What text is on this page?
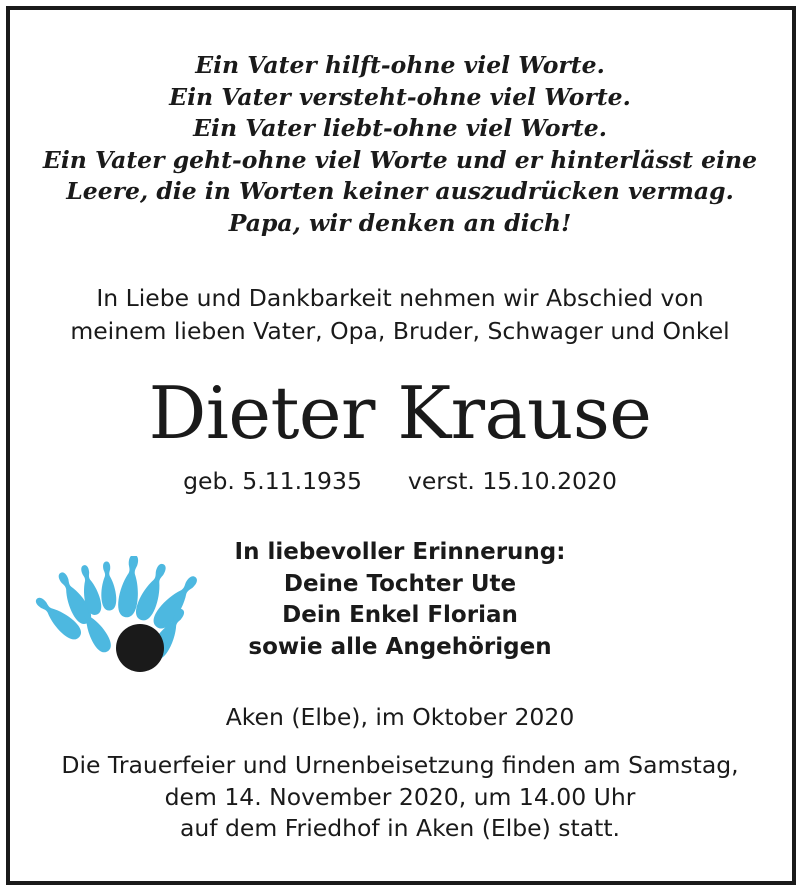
Ein Vater hilft-ohne viel Worte.
Ein Vater versteht-ohne viel Worte.
Ein Vater liebt-ohne viel Worte.
Ein Vater geht-ohne viel Worte und er hinterlässt eine
Leere, die in Worten keiner auszudrücken vermag.
Papa, wir denken an dich!
In Liebe und Dankbarkeit nehmen wir Abschied von
meinem lieben Vater, Opa, Bruder, Schwager und Onkel
Dieter Krause
geb. 5.11.1935 verst. 15.10.2020
In liebevoller Erinnerung:
Deine Tochter Ute
Dein Enkel Florian
sowie alle Angehörigen
Aken (Elbe), im Oktober 2020
Die Trauerfeier und Urnenbeisetzung finden am Samstag,
dem 14. November 2020, um 14.00 Uhr
auf dem Friedhof in Aken (Elbe) statt.
